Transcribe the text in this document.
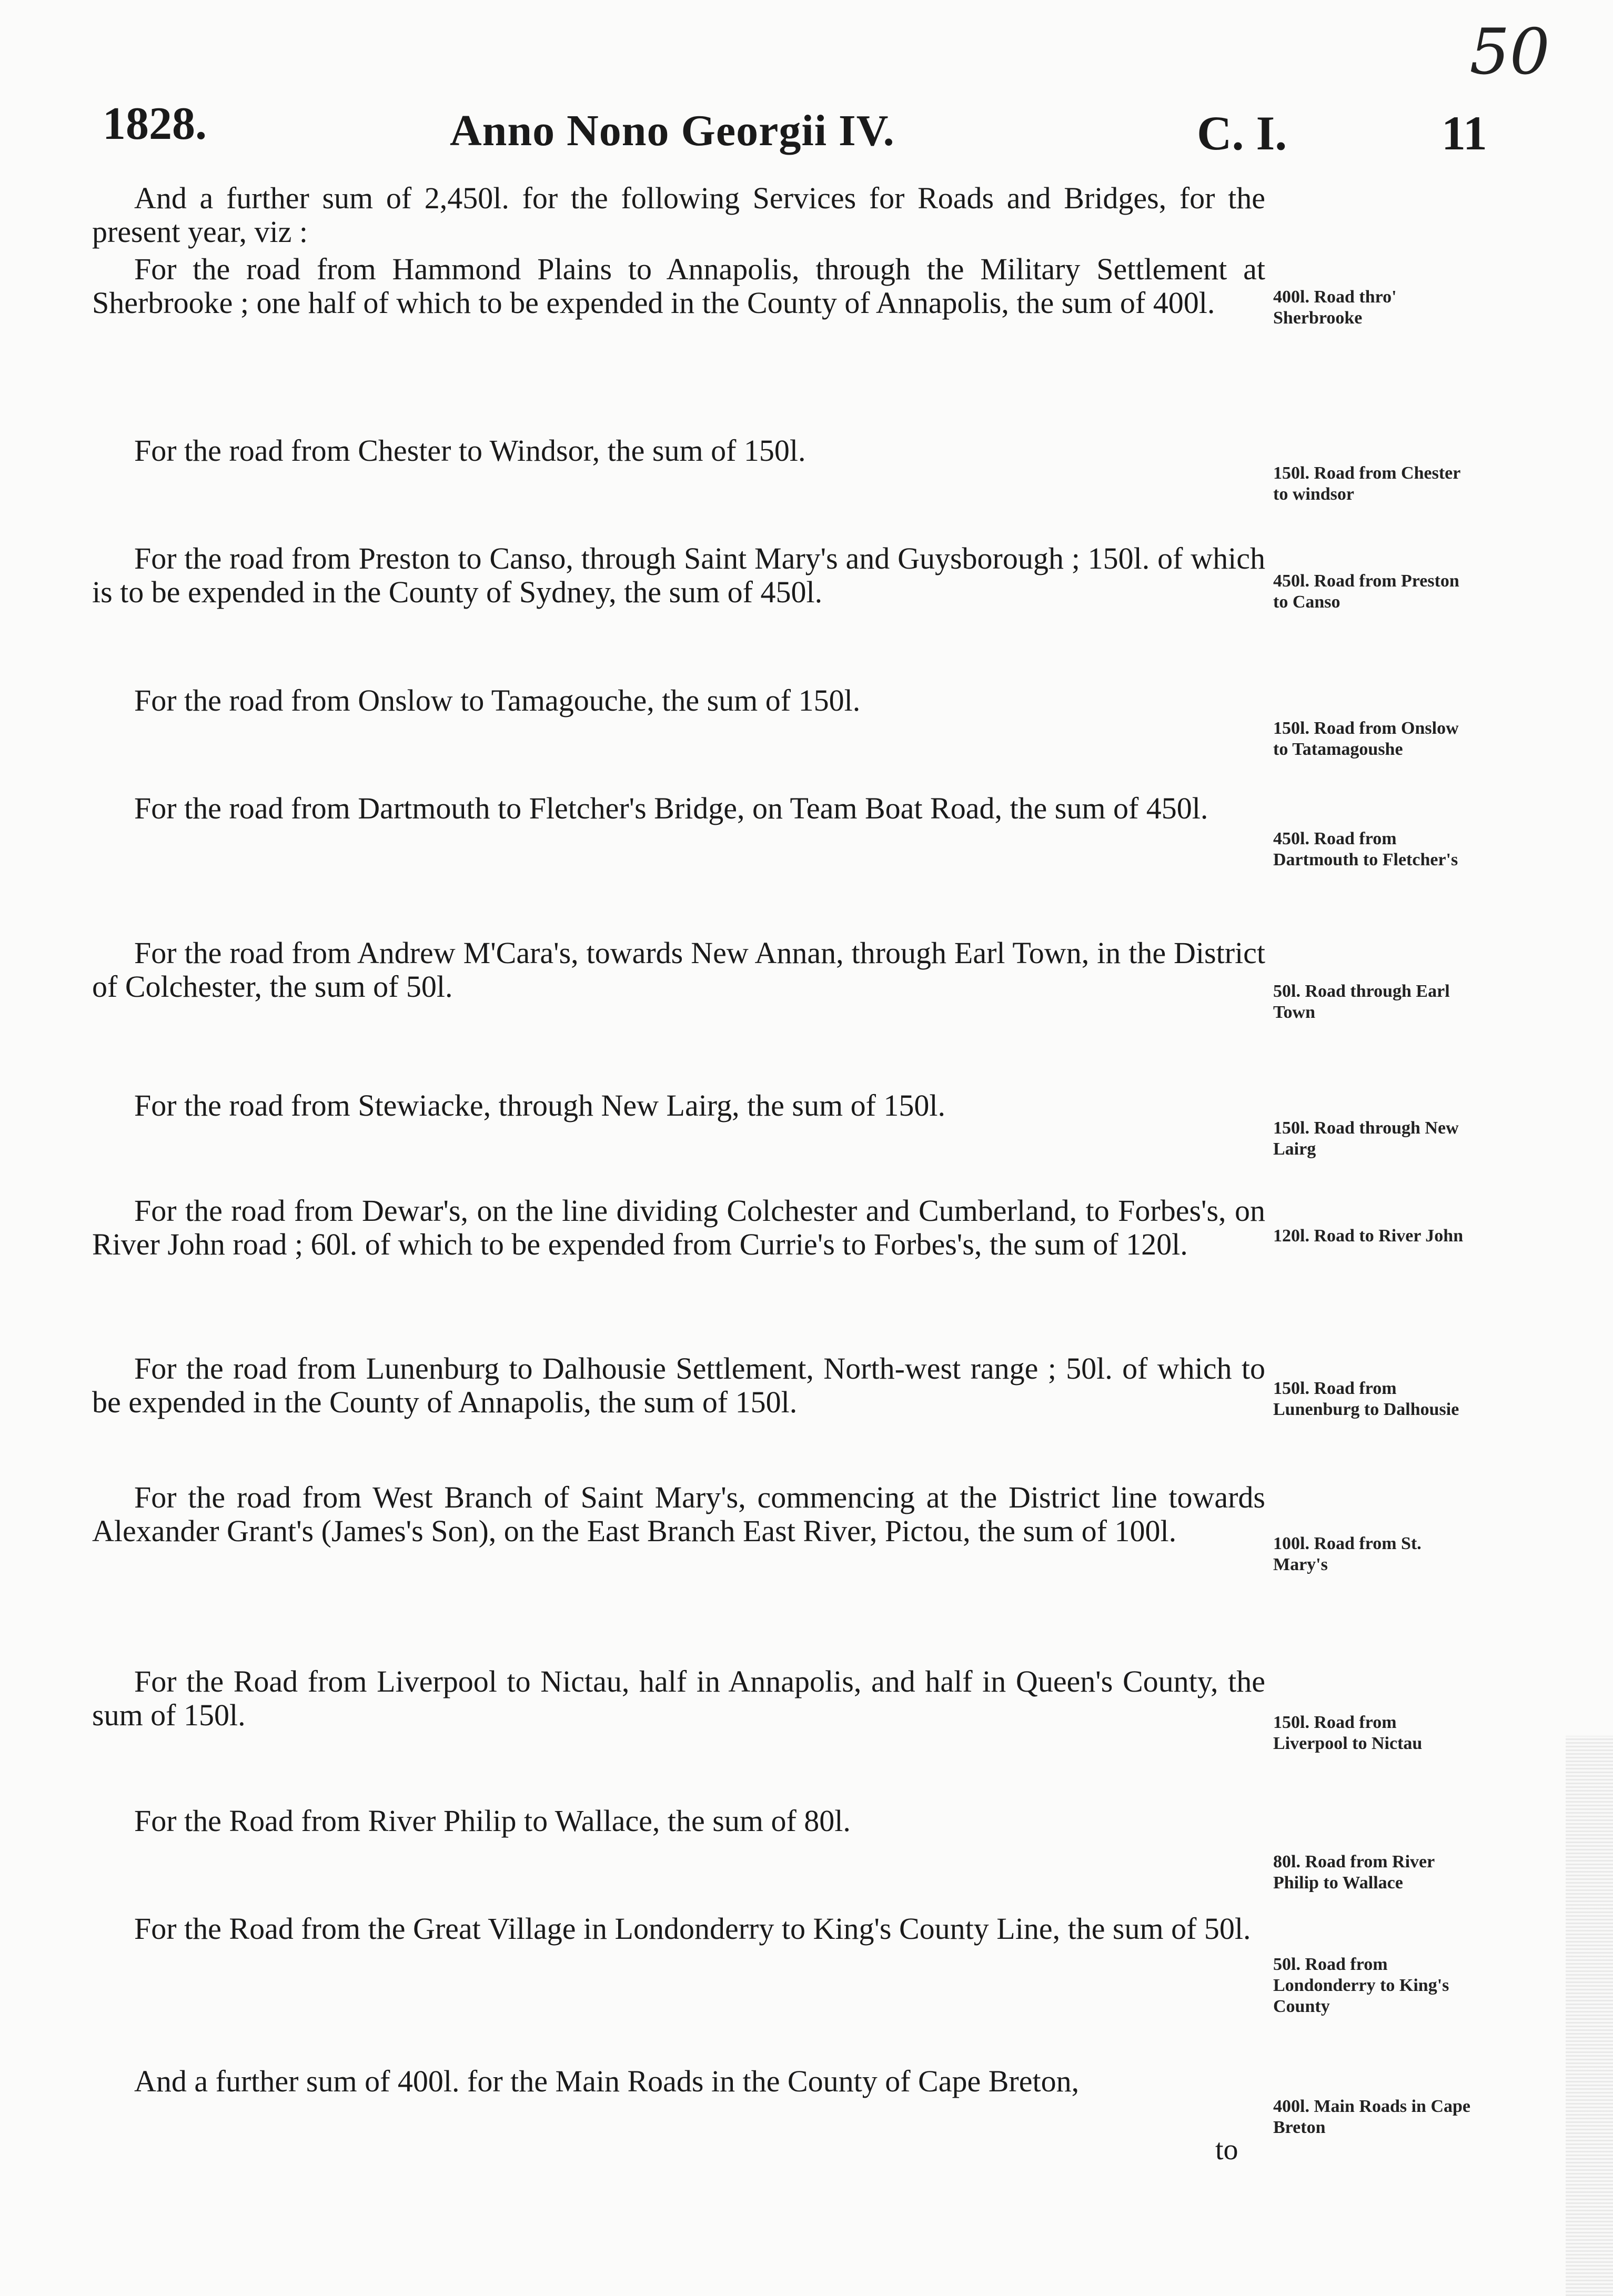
50
1828.	Anno Nono Georgii IV.	C. I.	11

And a further sum of 2,450l. for the following Services for Roads and Bridges, for the present year, viz :

For the road from Hammond Plains to Annapolis, through the Military Settlement at Sherbrooke ; one half of which to be expended in the County of Annapolis, the sum of 400l.	400l. Road thro' Sherbrooke

For the road from Chester to Windsor, the sum of 150l.

150l. Road from Chester to windsor

For the road from Preston to Canso, through Saint Mary's and Guysborough ; 150l. of which is to be expended in the County of Sydney, the sum of 450l.	450l. Road from Preston to Canso

For the road from Onslow to Tamagouche, the sum of 150l.

150l. Road from Onslow to Tatamagoushe

For the road from Dartmouth to Fletcher's Bridge, on Team Boat Road, the sum of 450l.

450l. Road from Dartmouth to Fletcher's

For the road from Andrew M'Cara's, towards New Annan, through Earl Town, in the District of Colchester, the sum of 50l.	50l. Road through Earl Town

For the road from Stewiacke, through New Lairg, the sum of 150l.

150l. Road through New Lairg

For the road from Dewar's, on the line dividing Colchester and Cumberland, to Forbes's, on River John road ; 60l. of which to be expended from Currie's to Forbes's, the sum of 120l.	120l. Road to River John

For the road from Lunenburg to Dalhousie Settlement, North-west range ; 50l. of which to be expended in the County of Annapolis, the sum of 150l.	150l. Road from Lunenburg to Dalhousie

For the road from West Branch of Saint Mary's, commencing at the District line towards Alexander Grant's (James's Son), on the East Branch East River, Pictou, the sum of 100l.	100l. Road from St. Mary's

For the Road from Liverpool to Nictau, half in Annapolis, and half in Queen's County, the sum of 150l.	150l. Road from Liverpool to Nictau

For the Road from River Philip to Wallace, the sum of 80l.

80l. Road from River Philip to Wallace

For the Road from the Great Village in Londonderry to King's County Line, the sum of 50l.

50l. Road from Londonderry to King's County

And a further sum of 400l. for the Main Roads in the County of Cape Breton,

400l. Main Roads in Cape Breton
to
